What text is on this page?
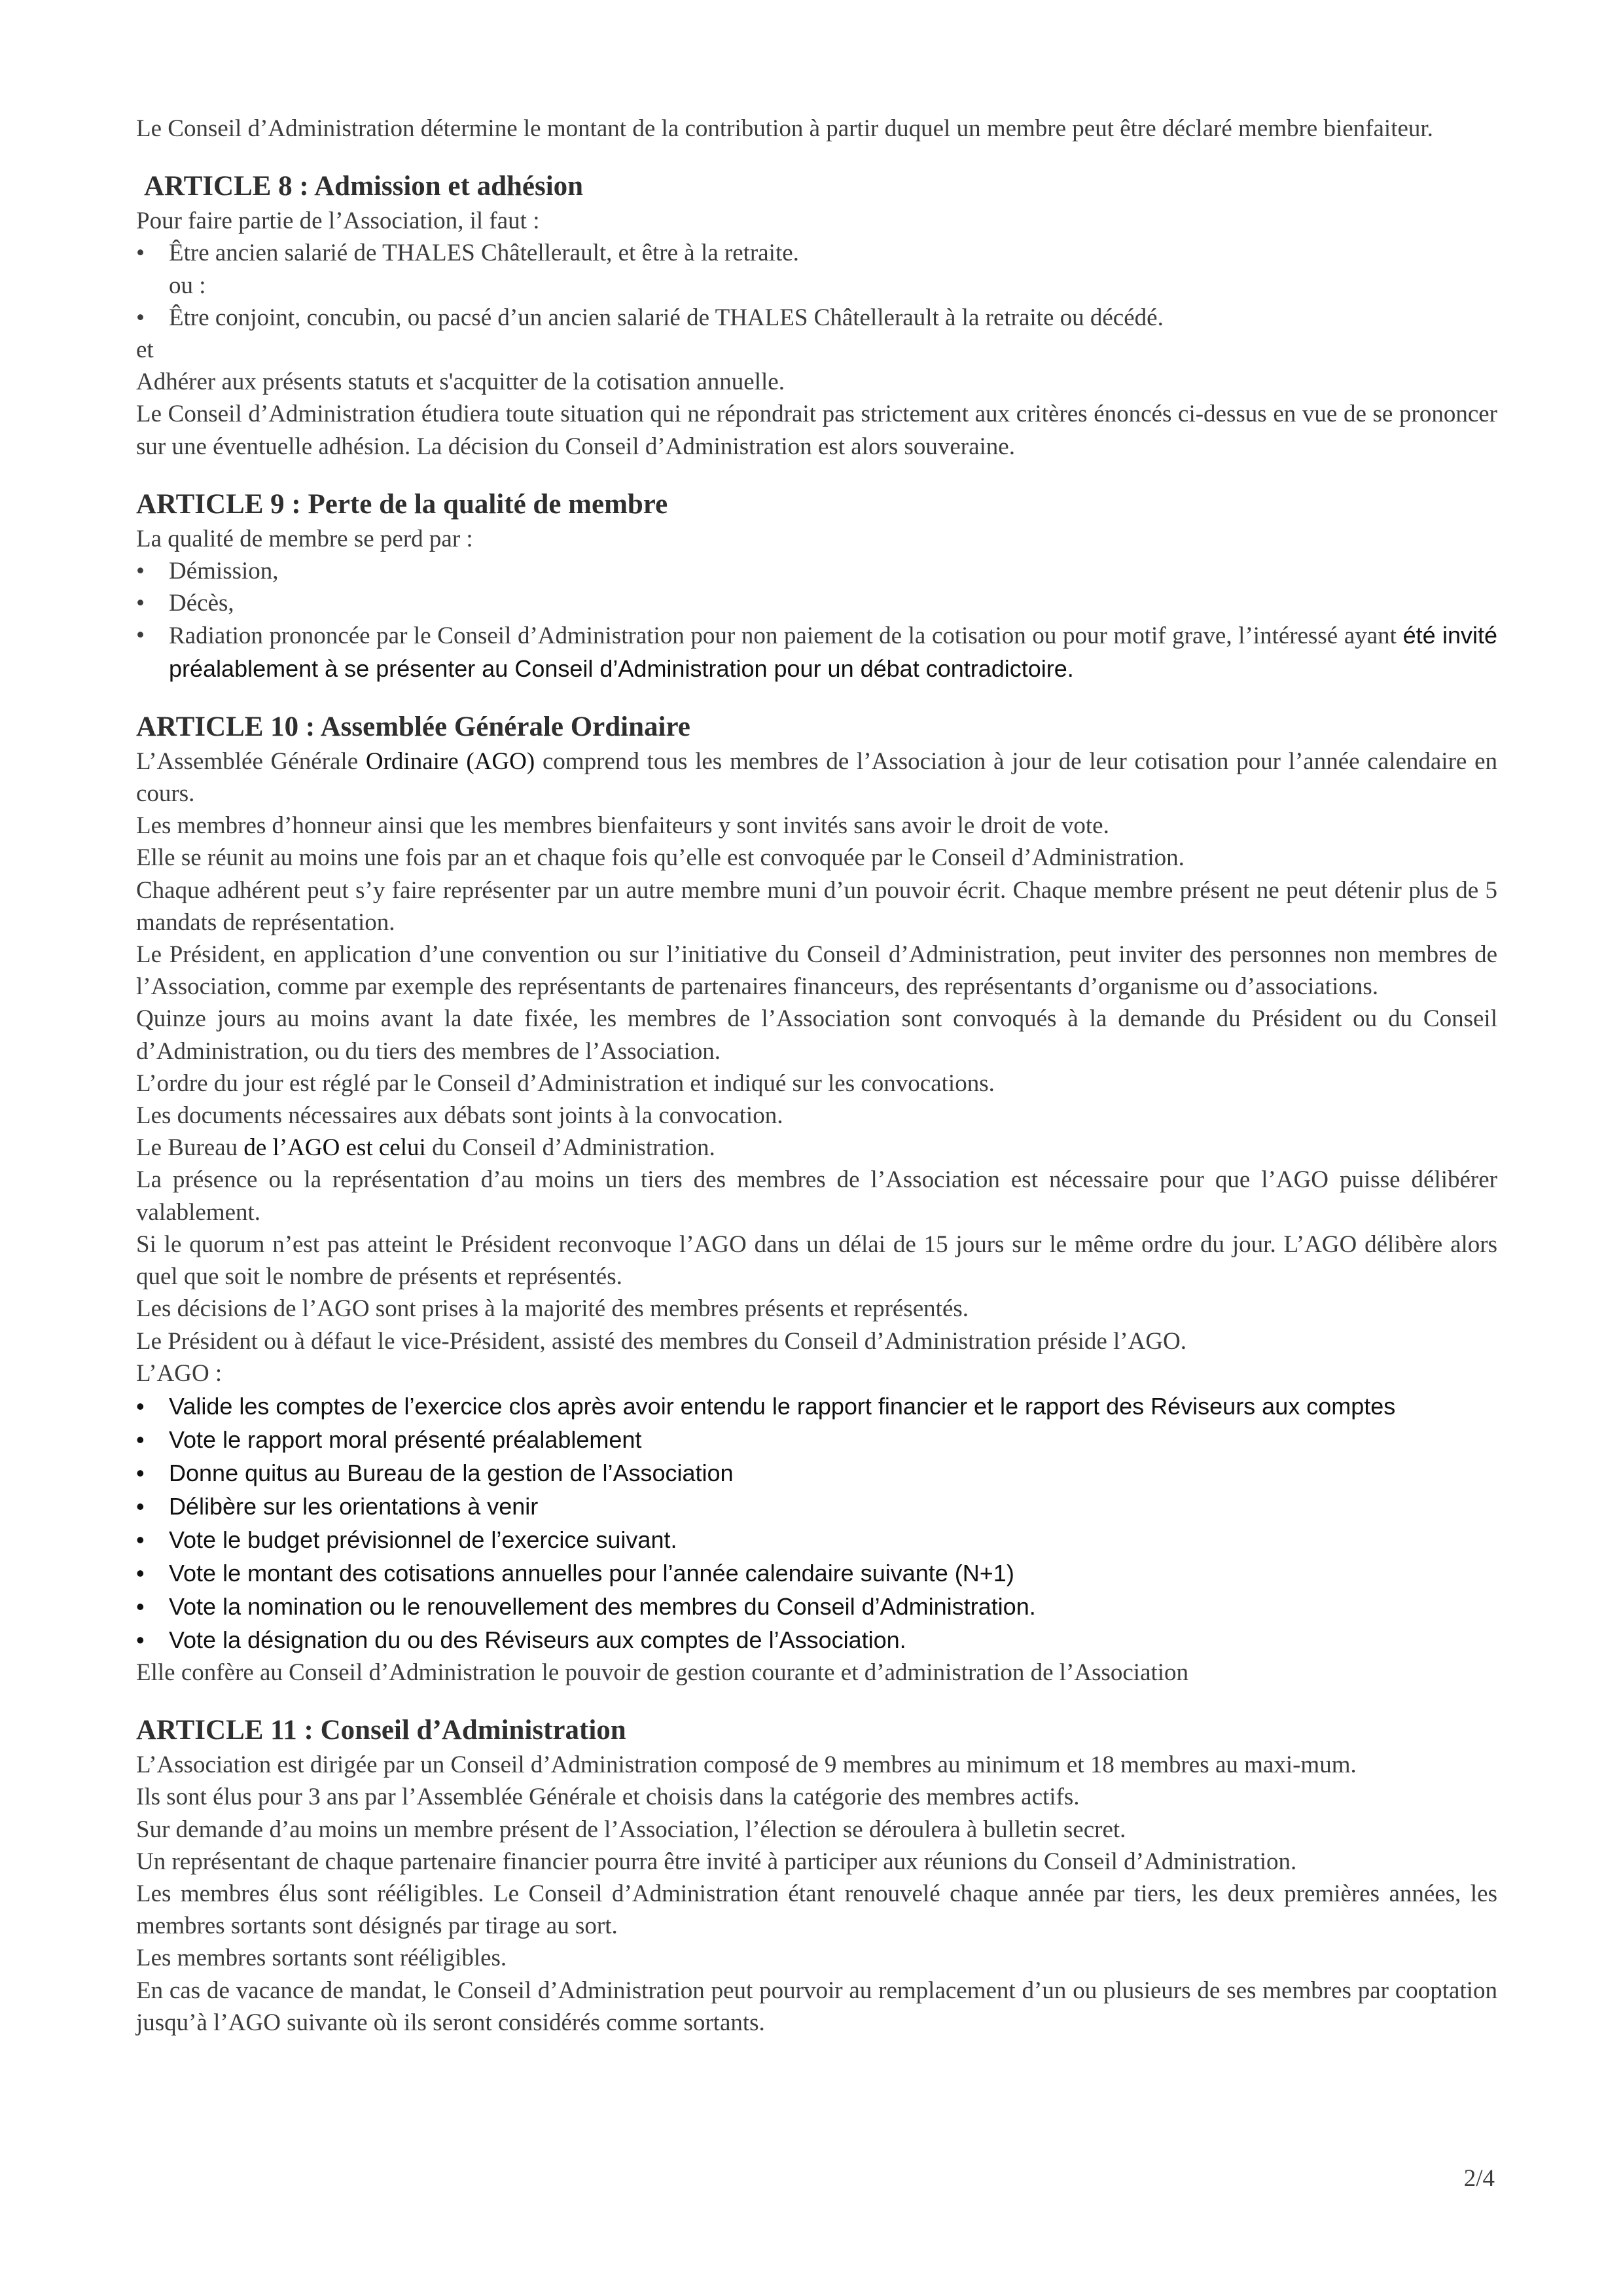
Le Conseil d’Administration détermine le montant de la contribution à partir duquel un membre peut être déclaré membre bienfaiteur.

ARTICLE 8 : Admission et adhésion

Pour faire partie de l’Association, il faut :

• Être ancien salarié de THALES Châtellerault, et être à la retraite.

ou :

• Être conjoint, concubin, ou pacsé d’un ancien salarié de THALES Châtellerault à la retraite ou décédé.

et

Adhérer aux présents statuts et s'acquitter de la cotisation annuelle.

Le Conseil d’Administration étudiera toute situation qui ne répondrait pas strictement aux critères énoncés ci-dessus en vue de se prononcer sur une éventuelle adhésion. La décision du Conseil d’Administration est alors souveraine.

ARTICLE 9 : Perte de la qualité de membre

La qualité de membre se perd par :

• Démission,
• Décès,
• Radiation prononcée par le Conseil d’Administration pour non paiement de la cotisation ou pour motif grave, l’intéressé ayant été invité préalablement à se présenter au Conseil d’Administration pour un débat contradictoire.
ARTICLE 10 : Assemblée Générale Ordinaire

L’Assemblée Générale Ordinaire (AGO) comprend tous les membres de l’Association à jour de leur cotisation pour l’année calendaire en cours.

Les membres d’honneur ainsi que les membres bienfaiteurs y sont invités sans avoir le droit de vote.

Elle se réunit au moins une fois par an et chaque fois qu’elle est convoquée par le Conseil d’Administration.

Chaque adhérent peut s’y faire représenter par un autre membre muni d’un pouvoir écrit. Chaque membre présent ne peut détenir plus de 5 mandats de représentation.

Le Président, en application d’une convention ou sur l’initiative du Conseil d’Administration, peut inviter des personnes non membres de l’Association, comme par exemple des représentants de partenaires financeurs, des représentants d’organisme ou d’associations.

Quinze jours au moins avant la date fixée, les membres de l’Association sont convoqués à la demande du Président ou du Conseil d’Administration, ou du tiers des membres de l’Association.

L’ordre du jour est réglé par le Conseil d’Administration et indiqué sur les convocations.

Les documents nécessaires aux débats sont joints à la convocation.

Le Bureau de l’AGO est celui du Conseil d’Administration.

La présence ou la représentation d’au moins un tiers des membres de l’Association est nécessaire pour que l’AGO puisse délibérer valablement.

Si le quorum n’est pas atteint le Président reconvoque l’AGO dans un délai de 15 jours sur le même ordre du jour. L’AGO délibère alors quel que soit le nombre de présents et représentés.

Les décisions de l’AGO sont prises à la majorité des membres présents et représentés.

Le Président ou à défaut le vice-Président, assisté des membres du Conseil d’Administration préside l’AGO.

L’AGO :

• Valide les comptes de l’exercice clos après avoir entendu le rapport financier et le rapport des Réviseurs aux comptes
• Vote le rapport moral présenté préalablement
• Donne quitus au Bureau de la gestion de l’Association
• Délibère sur les orientations à venir
• Vote le budget prévisionnel de l’exercice suivant.
• Vote le montant des cotisations annuelles pour l’année calendaire suivante (N+1)
• Vote la nomination ou le renouvellement des membres du Conseil d’Administration.
• Vote la désignation du ou des Réviseurs aux comptes de l’Association.

Elle confère au Conseil d’Administration le pouvoir de gestion courante et d’administration de l’Association

ARTICLE 11 : Conseil d’Administration

L’Association est dirigée par un Conseil d’Administration composé de 9 membres au minimum et 18 membres au maxi-mum.

Ils sont élus pour 3 ans par l’Assemblée Générale et choisis dans la catégorie des membres actifs.

Sur demande d’au moins un membre présent de l’Association, l’élection se déroulera à bulletin secret.

Un représentant de chaque partenaire financier pourra être invité à participer aux réunions du Conseil d’Administration.

Les membres élus sont rééligibles. Le Conseil d’Administration étant renouvelé chaque année par tiers, les deux premières années, les membres sortants sont désignés par tirage au sort.

Les membres sortants sont rééligibles.

En cas de vacance de mandat, le Conseil d’Administration peut pourvoir au remplacement d’un ou plusieurs de ses membres par cooptation jusqu’à l’AGO suivante où ils seront considérés comme sortants.

2/4
